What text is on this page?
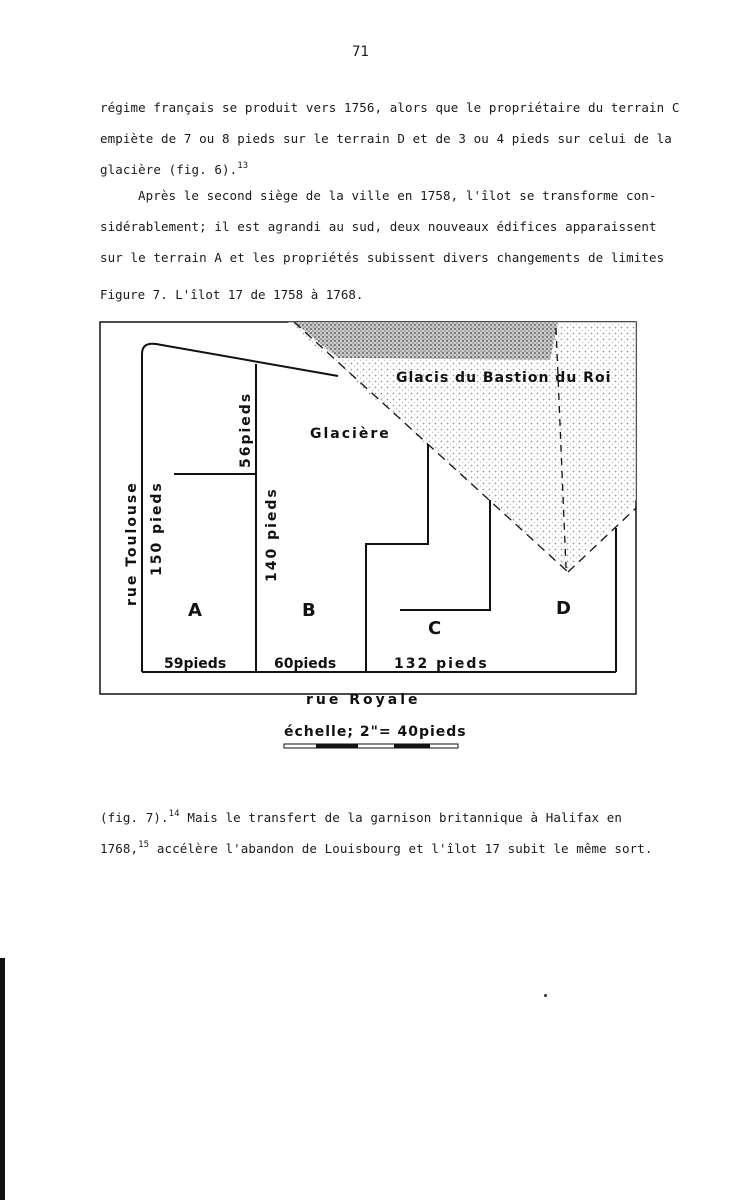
71
régime français se produit vers 1756, alors que le propriétaire du terrain C
empiète de 7 ou 8 pieds sur le terrain D et de 3 ou 4 pieds sur celui de la
glacière (fig. 6).$^{13}$
Après le second siège de la ville en 1758, l'îlot se transforme con-
sidérablement; il est agrandi au sud, deux nouveaux édifices apparaissent
sur le terrain A et les propriétés subissent divers changements de limites
Figure 7. L'îlot 17 de 1758 à 1768.
rue Toulouse 150 pieds
56pieds
140 pieds
Glacière
Glacis du Bastion du Roi
A	B
C
D
59pieds	60pieds	132 pieds
rue Royale
échelle; 2"= 40pieds
(fig. 7).$^{14}$ Mais le transfert de la garnison britannique à Halifax en
1768,15 accélère l'abandon de Louisbourg et l'îlot 17 subit le même sort.
